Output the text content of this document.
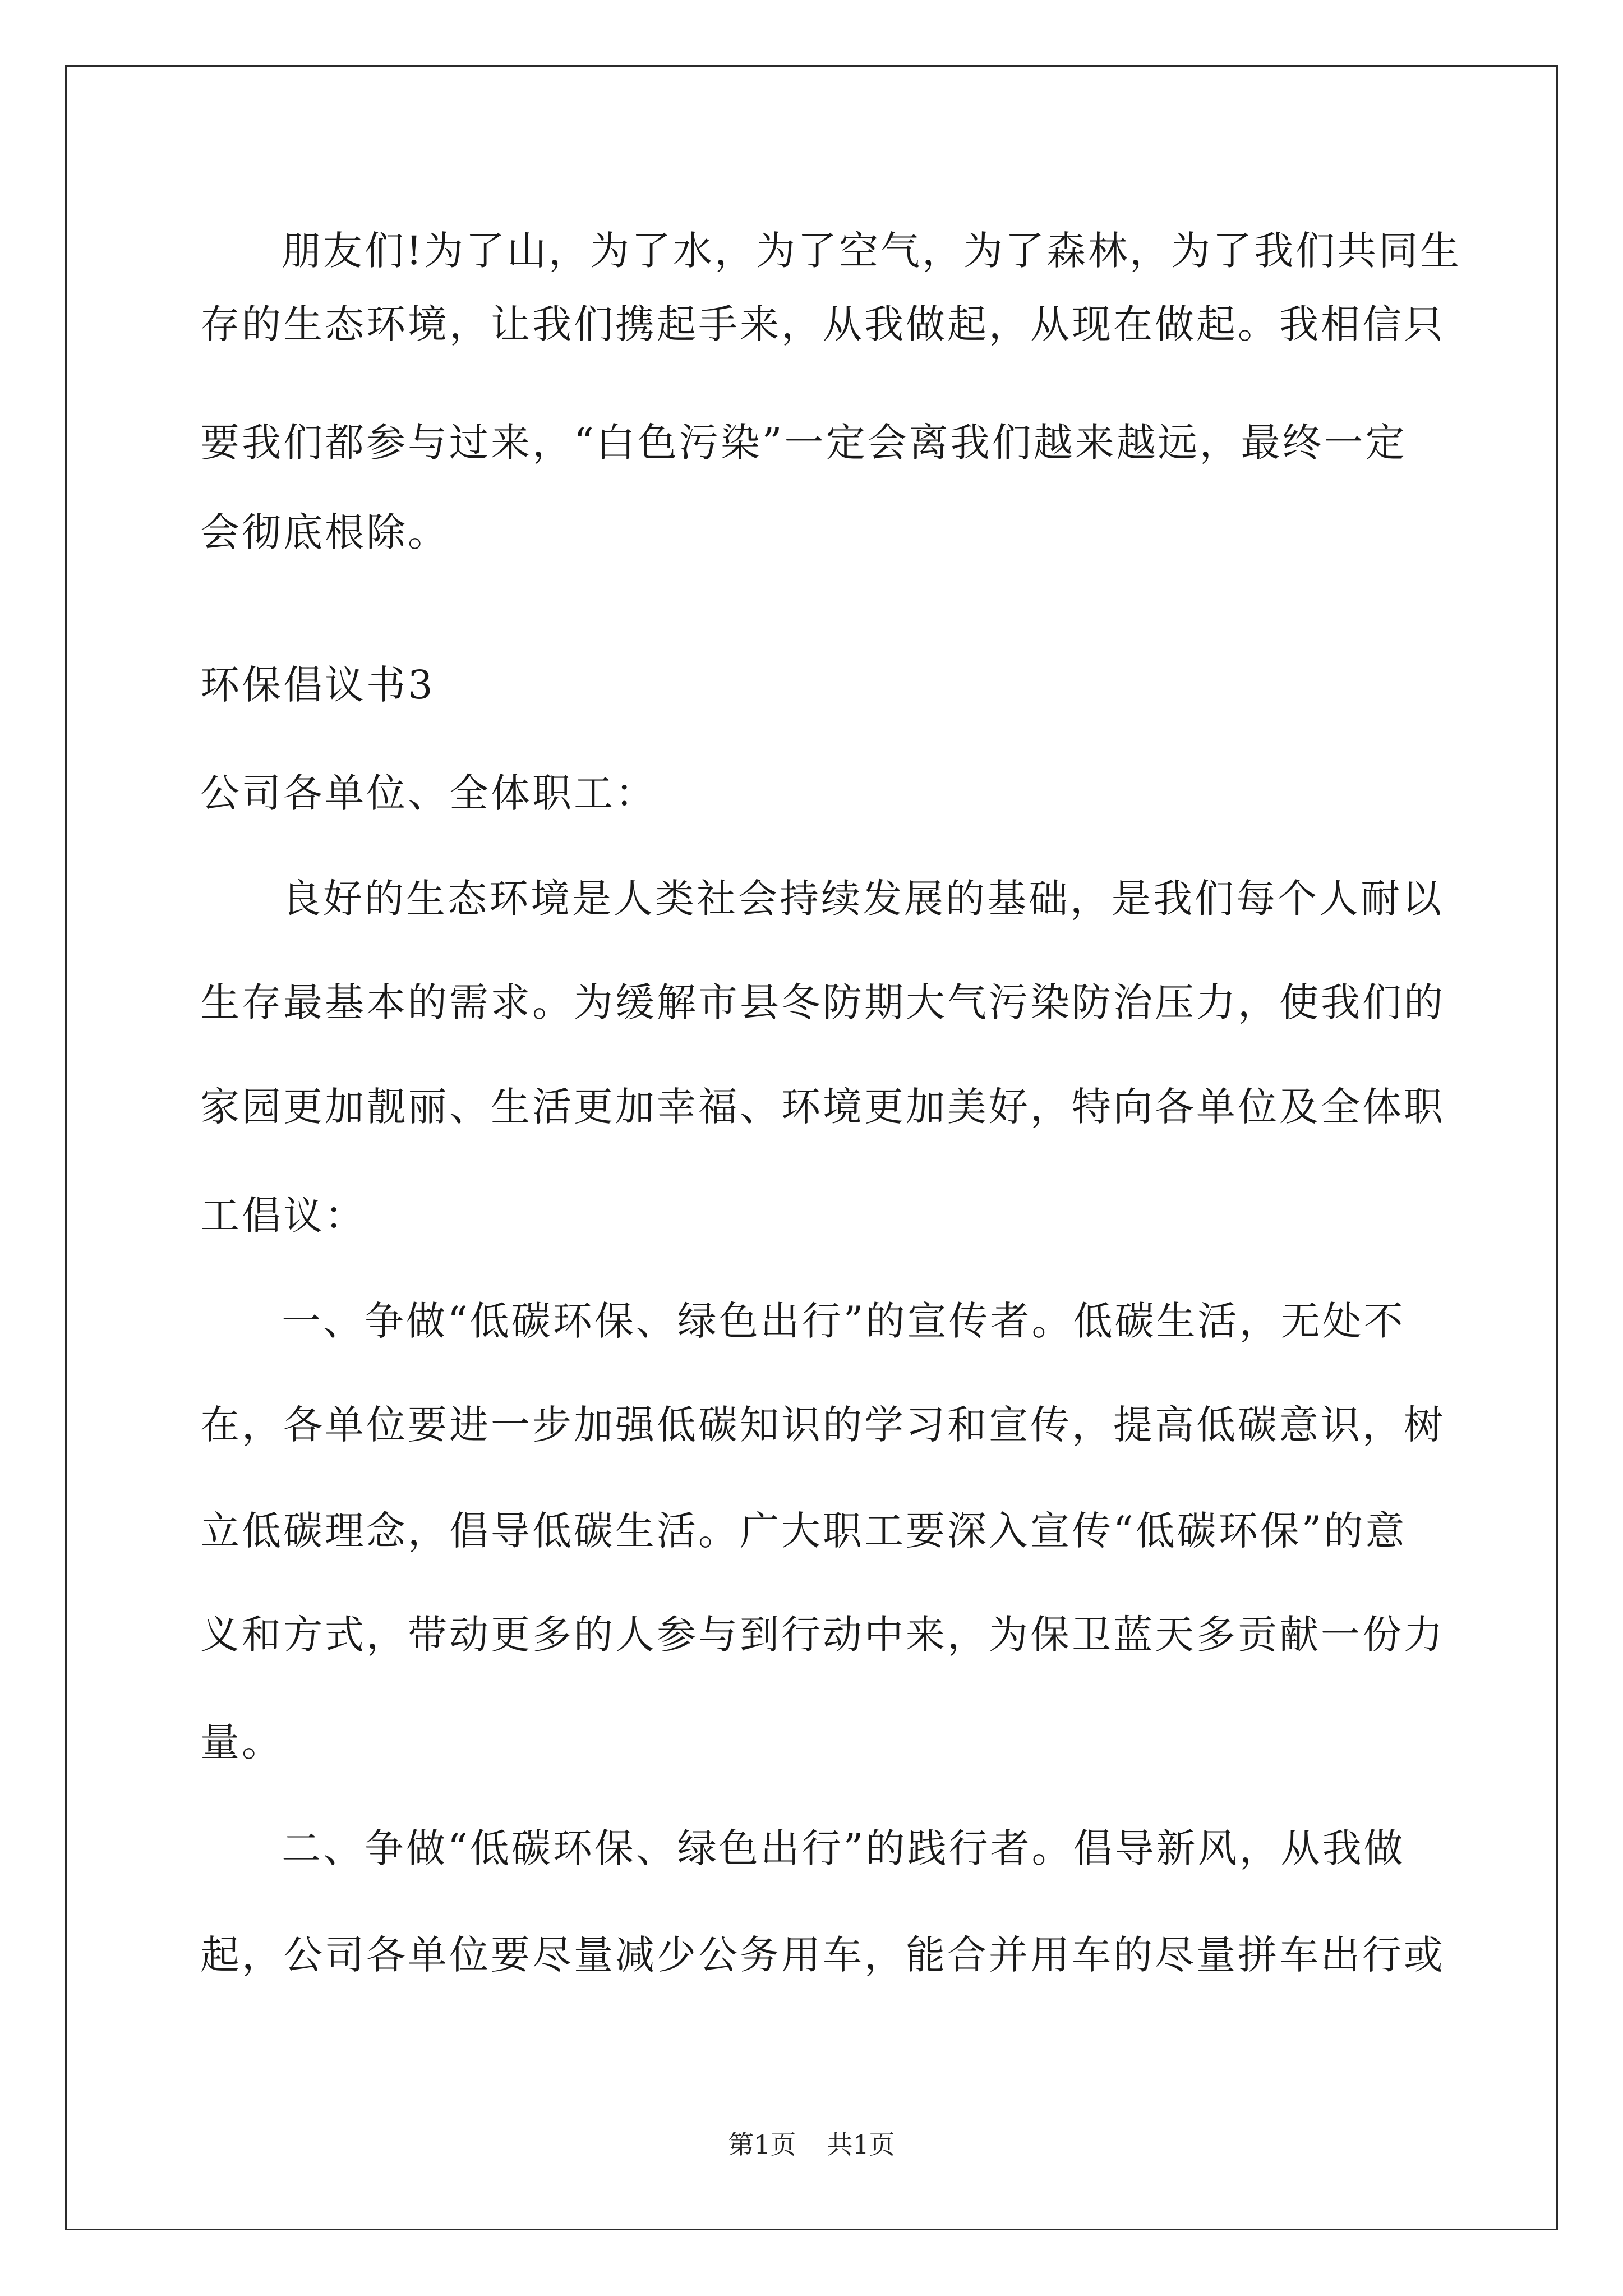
朋友们!为了山，为了水，为了空气，为了森林，为了我们共同生
存的生态环境，让我们携起手来，从我做起，从现在做起。我相信只
要我们都参与过来，“白色污染”一定会离我们越来越远，最终一定
会彻底根除。
环保倡议书3
公司各单位、全体职工：
良好的生态环境是人类社会持续发展的基础，是我们每个人耐以
生存最基本的需求。为缓解市县冬防期大气污染防治压力，使我们的
家园更加靓丽、生活更加幸福、环境更加美好，特向各单位及全体职
工倡议：
一、争做“低碳环保、绿色出行”的宣传者。低碳生活，无处不
在，各单位要进一步加强低碳知识的学习和宣传，提高低碳意识，树
立低碳理念，倡导低碳生活。广大职工要深入宣传“低碳环保”的意
义和方式，带动更多的人参与到行动中来，为保卫蓝天多贡献一份力
量。
二、争做“低碳环保、绿色出行”的践行者。倡导新风，从我做
起，公司各单位要尽量减少公务用车，能合并用车的尽量拼车出行或
第1页 共1页
